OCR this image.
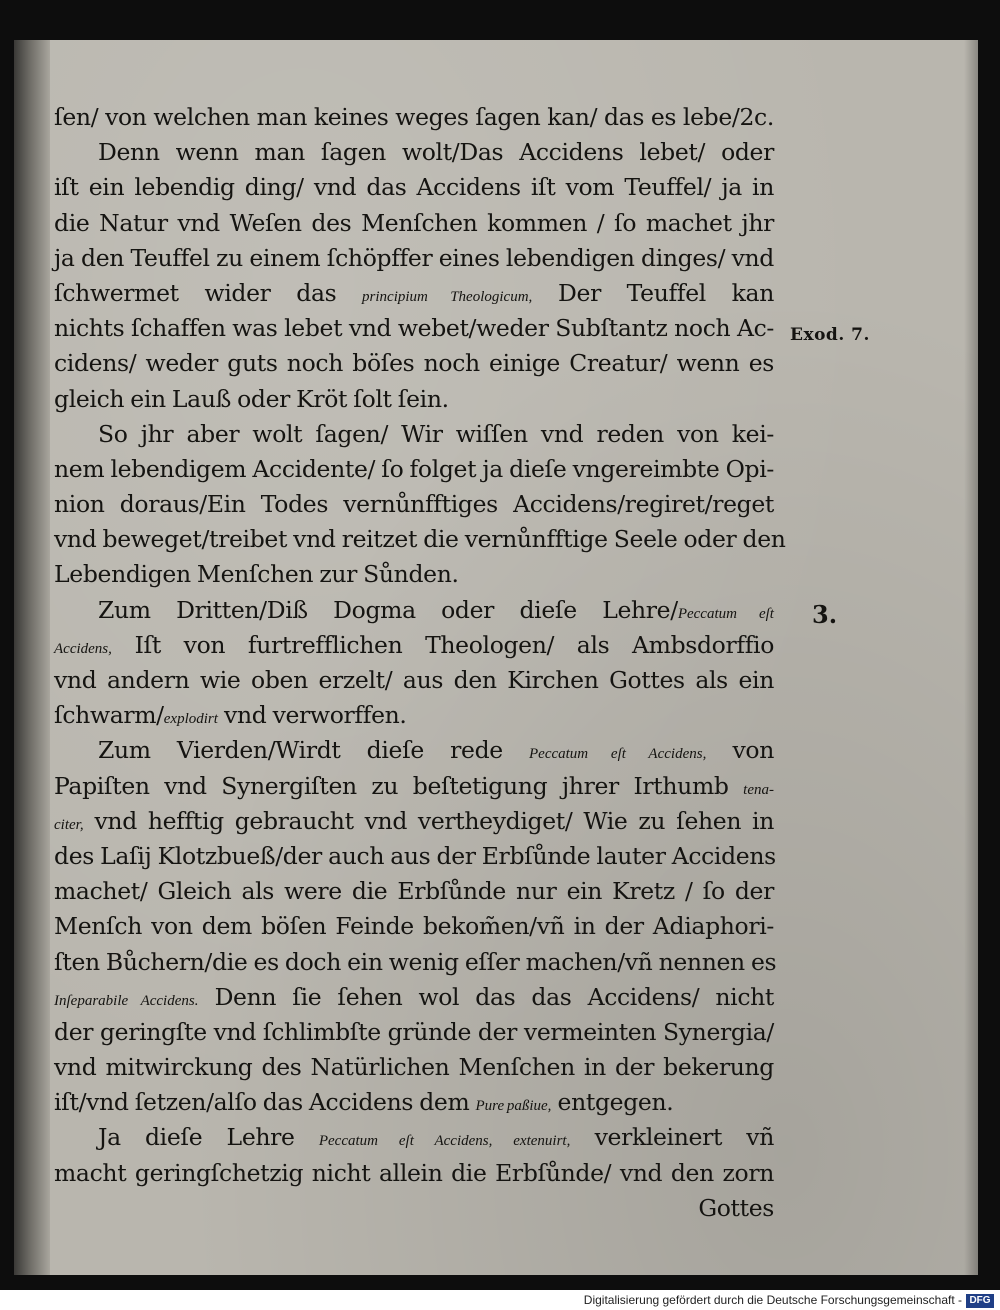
ſen/ von welchen man keines weges ſagen kan/ das es lebe/2c.
Denn wenn man ſagen wolt/Das Accidens lebet/ oder
iſt ein lebendig ding/ vnd das Accidens iſt vom Teuffel/ ja in
die Natur vnd Weſen des Menſchen kommen / ſo machet jhr
ja den Teuffel zu einem ſchöpffer eines lebendigen dinges/ vnd
ſchwermet wider das principium Theologicum, Der Teuffel kan
nichts ſchaffen was lebet vnd webet/weder Subſtantz noch Ac-
cidens/ weder guts noch böſes noch einige Creatur/ wenn es
gleich ein Lauß oder Kröt ſolt ſein.
So jhr aber wolt ſagen/ Wir wiſſen vnd reden von kei-
nem lebendigem Accidente/ ſo folget ja dieſe vngereimbte Opi-
nion doraus/Ein Todes vernůnfftiges Accidens/regiret/reget
vnd beweget/treibet vnd reitzet die vernůnfftige Seele oder den
Lebendigen Menſchen zur Sůnden.
Zum Dritten/Diß Dogma oder dieſe Lehre/Peccatum eſt
Accidens, Iſt von furtrefflichen Theologen/ als Ambsdorffio
vnd andern wie oben erzelt/ aus den Kirchen Gottes als ein
ſchwarm/explodirt vnd verworffen.
Zum Vierden/Wirdt dieſe rede Peccatum eſt Accidens, von
Papiſten vnd Synergiſten zu beſtetigung jhrer Irthumb tena-
citer, vnd hefftig gebraucht vnd vertheydiget/ Wie zu ſehen in
des Laſij Klotzbueß/der auch aus der Erbſůnde lauter Accidens
machet/ Gleich als were die Erbſůnde nur ein Kretz / ſo der
Menſch von dem böſen Feinde bekom̃en/vñ in der Adiaphori-
ſten Bůchern/die es doch ein wenig eſſer machen/vñ nennen es
Inſeparabile Accidens. Denn ſie ſehen wol das das Accidens/ nicht
der geringſte vnd ſchlimbſte gründe der vermeinten Synergia/
vnd mitwirckung des Natürlichen Menſchen in der bekerung
iſt/vnd ſetzen/alſo das Accidens dem Pure paßiue, entgegen.
Ja dieſe Lehre Peccatum eſt Accidens, extenuirt, verkleinert vñ
macht geringſchetzig nicht allein die Erbſůnde/ vnd den zorn
Gottes
Exod. 7.
3.
Digitalisierung gefördert durch die Deutsche Forschungsgemeinschaft - DFG
